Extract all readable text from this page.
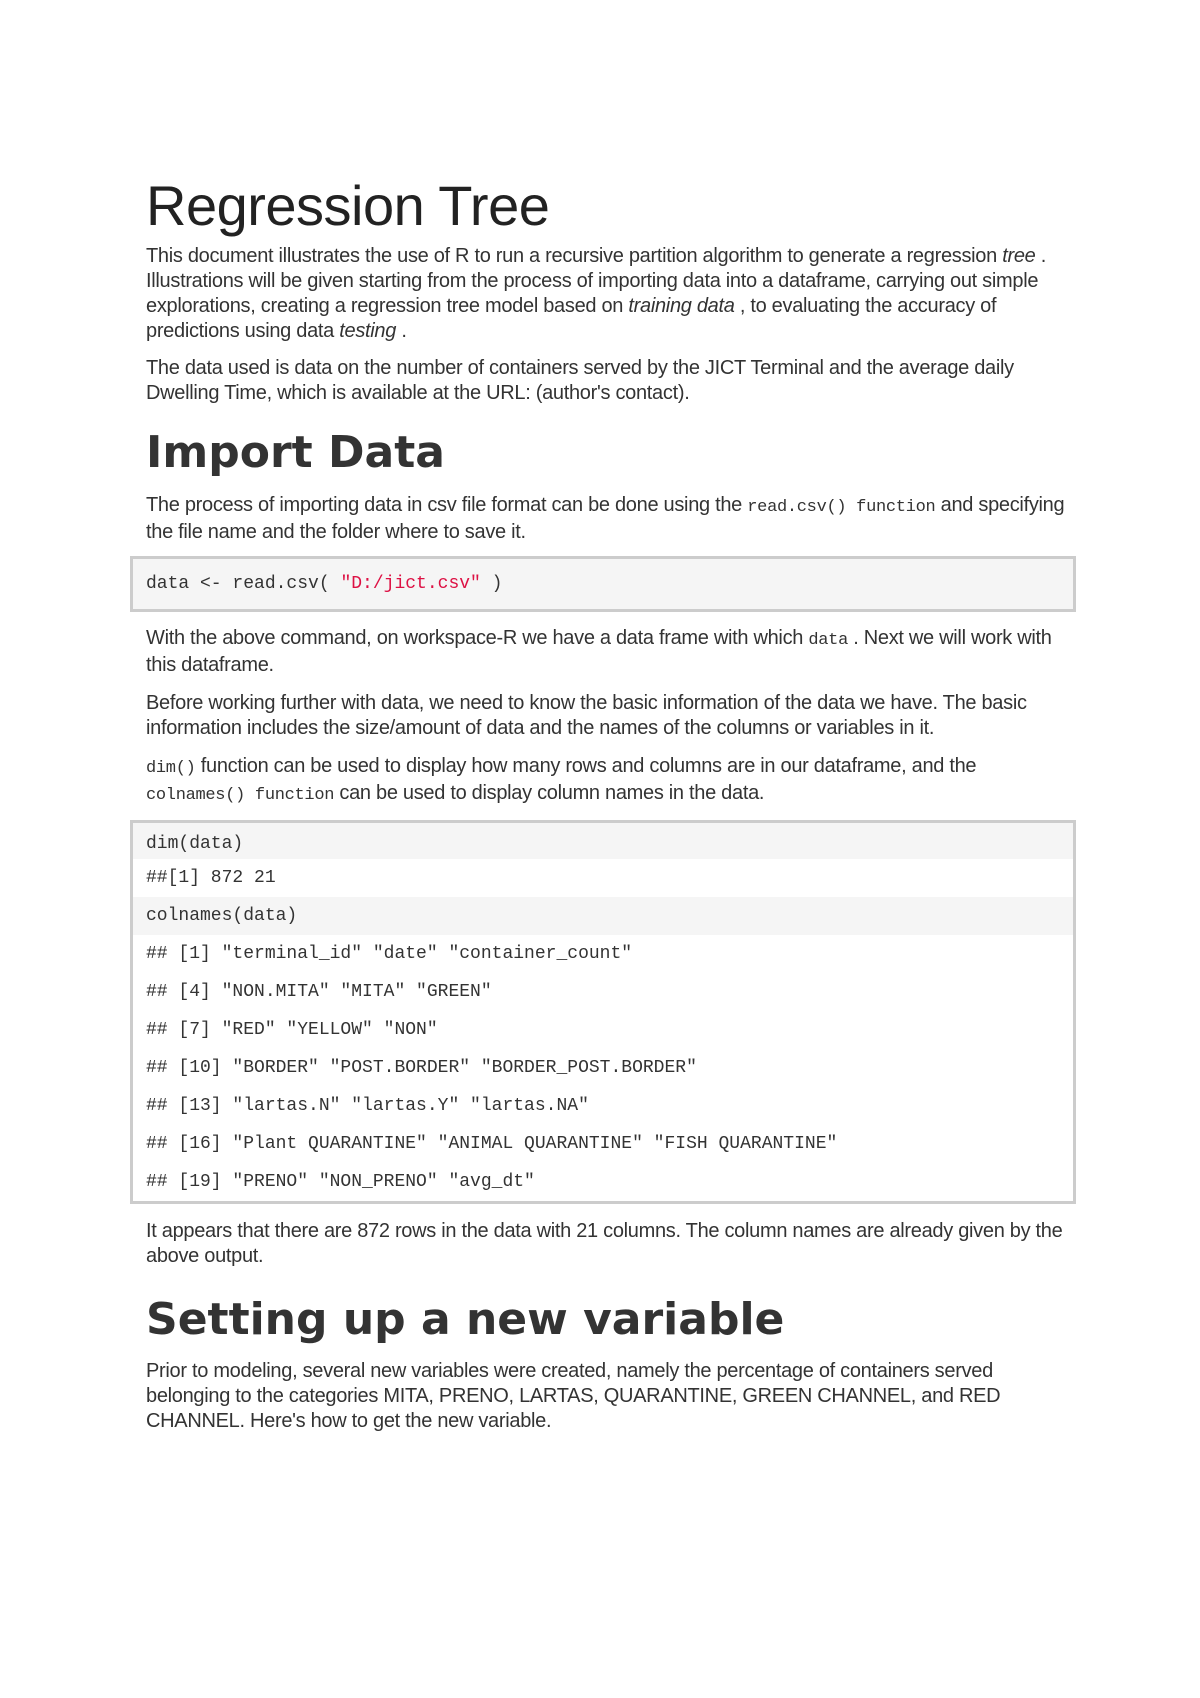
Regression Tree

This document illustrates the use of R to run a recursive partition algorithm to generate a regression tree . Illustrations will be given starting from the process of importing data into a dataframe, carrying out simple explorations, creating a regression tree model based on training data , to evaluating the accuracy of predictions using data testing .

The data used is data on the number of containers served by the JICT Terminal and the average daily Dwelling Time, which is available at the URL: (author's contact).

Import Data

The process of importing data in csv file format can be done using the read.csv() function and specifying the file name and the folder where to save it.

data <- read.csv( "D:/jict.csv" )

With the above command, on workspace-R we have a data frame with which data . Next we will work with this dataframe.

Before working further with data, we need to know the basic information of the data we have. The basic information includes the size/amount of data and the names of the columns or variables in it.

dim() function can be used to display how many rows and columns are in our dataframe, and the colnames() function can be used to display column names in the data.

dim(data)
##[1] 872 21
colnames(data)
## [1] "terminal_id" "date" "container_count"
## [4] "NON.MITA" "MITA" "GREEN"
## [7] "RED" "YELLOW" "NON"
## [10] "BORDER" "POST.BORDER" "BORDER_POST.BORDER"
## [13] "lartas.N" "lartas.Y" "lartas.NA"
## [16] "Plant QUARANTINE" "ANIMAL QUARANTINE" "FISH QUARANTINE"
## [19] "PRENO" "NON_PRENO" "avg_dt"

It appears that there are 872 rows in the data with 21 columns. The column names are already given by the above output.

Setting up a new variable

Prior to modeling, several new variables were created, namely the percentage of containers served belonging to the categories MITA, PRENO, LARTAS, QUARANTINE, GREEN CHANNEL, and RED CHANNEL. Here's how to get the new variable.
